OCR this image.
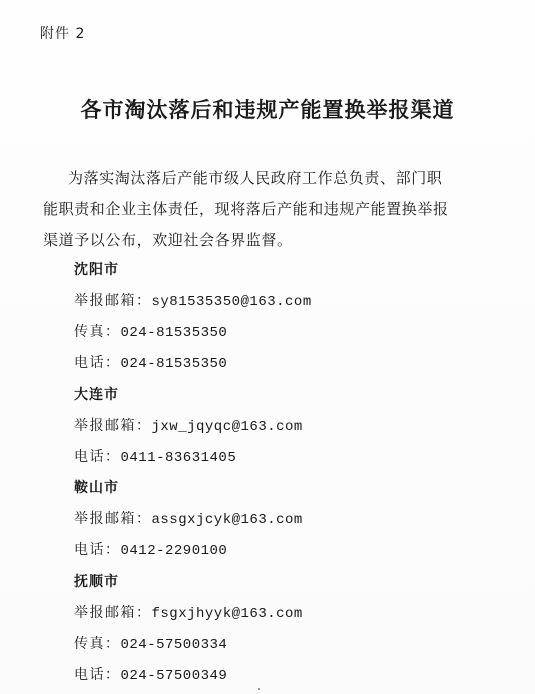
附件 2
各市淘汰落后和违规产能置换举报渠道
为落实淘汰落后产能市级人民政府工作总负责、部门职
能职责和企业主体责任，现将落后产能和违规产能置换举报
渠道予以公布，欢迎社会各界监督。
沈阳市
举报邮箱：sy81535350@163.com
传真：024-81535350
电话：024-81535350
大连市
举报邮箱：jxw_jqyqc@163.com
电话：0411-83631405
鞍山市
举报邮箱：assgxjcyk@163.com
电话：0412-2290100
抚顺市
举报邮箱：fsgxjhyyk@163.com
传真：024-57500334
电话：024-57500349
